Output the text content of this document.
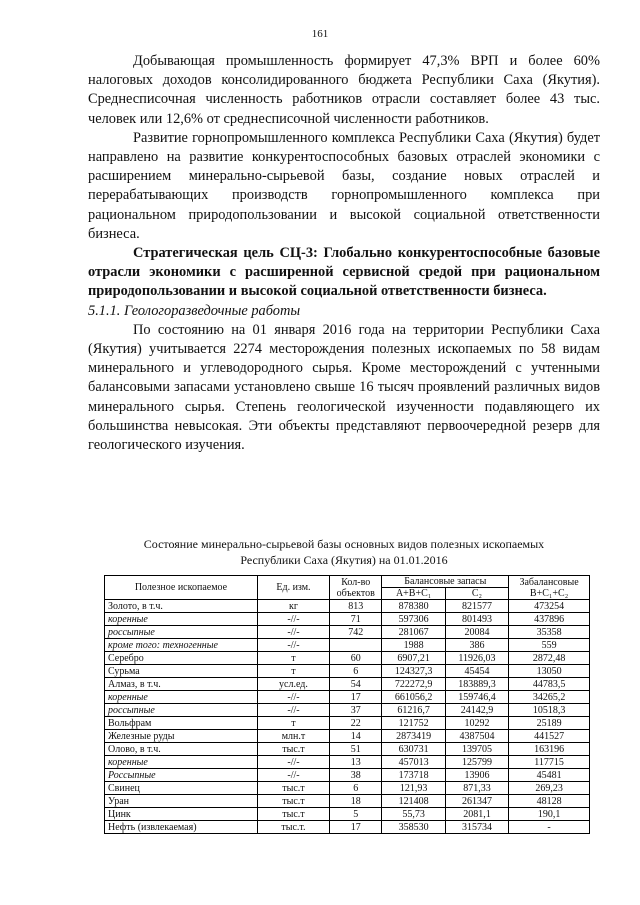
161

Добывающая промышленность формирует 47,3% ВРП и более 60% налоговых доходов консолидированного бюджета Республики Саха (Якутия). Среднесписочная численность работников отрасли составляет более 43 тыс. человек или 12,6% от среднесписочной численности работников.

Развитие горнопромышленного комплекса Республики Саха (Якутия) будет направлено на развитие конкурентоспособных базовых отраслей экономики с расширением минерально-сырьевой базы, создание новых отраслей и перерабатывающих производств горнопромышленного комплекса при рациональном природопользовании и высокой социальной ответственности бизнеса.

Стратегическая цель СЦ-3: Глобально конкурентоспособные базовые отрасли экономики с расширенной сервисной средой при рациональном природопользовании и высокой социальной ответственности бизнеса.

5.1.1. Геологоразведочные работы

По состоянию на 01 января 2016 года на территории Республики Саха (Якутия) учитывается 2274 месторождения полезных ископаемых по 58 видам минерального и углеводородного сырья. Кроме месторождений с учтенными балансовыми запасами установлено свыше 16 тысяч проявлений различных видов минерального сырья. Степень геологической изученности подавляющего их большинства невысокая. Эти объекты представляют первоочередной резерв для геологического изучения.

Состояние минерально-сырьевой базы основных видов полезных ископаемых
Республики Саха (Якутия) на 01.01.2016
Полезное ископаемое	Ед. изм.	Кол-во объектов	Балансовые запасы		Забалансовые В+С₁+С₂
			А+В+С₁	С₂	
Золото, в т.ч.	кг	813	878380	821577	473254
коренные	-//-	71	597306	801493	437896
россыпные	-//-	742	281067	20084	35358
кроме того: техногенные	-//-		1988	386	559
Серебро	т	60	6907,21	11926,03	2872,48
Сурьма	т	6	124327,3	45454	13050
Алмаз, в т.ч.	усл.ед.	54	722272,9	183889,3	44783,5
коренные	-//-	17	661056,2	159746,4	34265,2
россыпные	-//-	37	61216,7	24142,9	10518,3
Вольфрам	т	22	121752	10292	25189
Железные руды	млн.т	14	2873419	4387504	441527
Олово, в т.ч.	тыс.т	51	630731	139705	163196
коренные	-//-	13	457013	125799	117715
Россыпные	-//-	38	173718	13906	45481
Свинец	тыс.т	6	121,93	871,33	269,23
Уран	тыс.т	18	121408	261347	48128
Цинк	тыс.т	5	55,73	2081,1	190,1
Нефть (извлекаемая)	тыс.т.	17	358530	315734	-
